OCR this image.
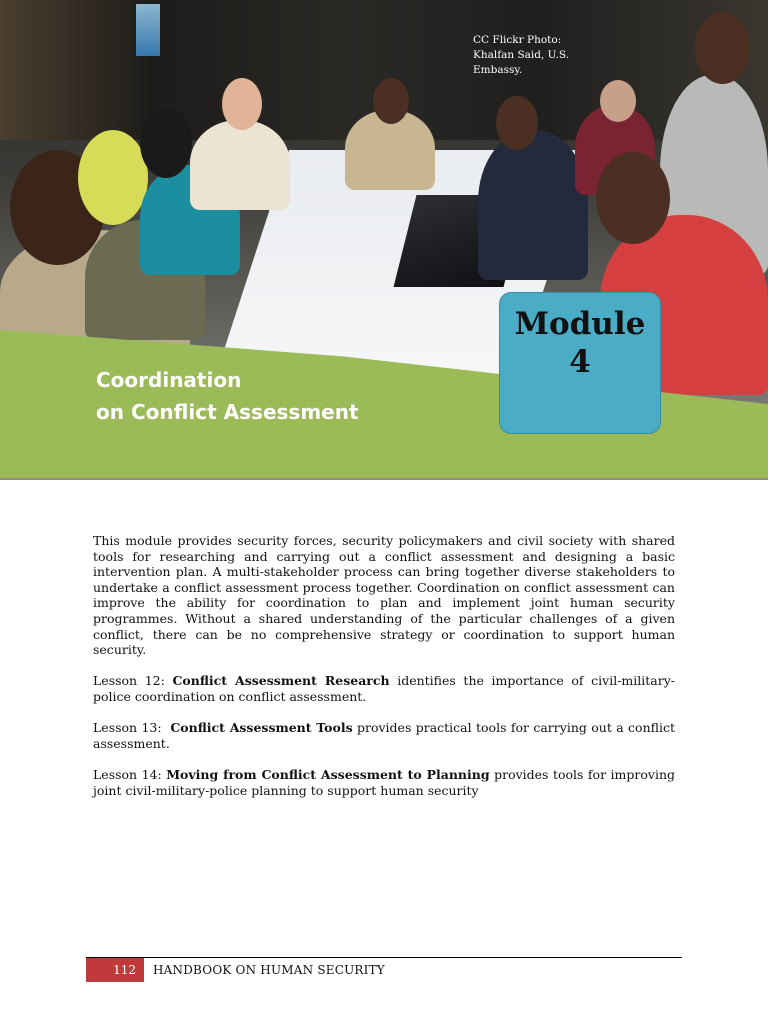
CC Flickr Photo:
Khalfan Said, U.S.
Embassy.
Coordination
on Conflict Assessment
Module
4

This module provides security forces, security policymakers and civil society with shared tools for researching and carrying out a conflict assessment and designing a basic intervention plan. A multi-stakeholder process can bring together diverse stakeholders to undertake a conflict assessment process together. Coordination on conflict assessment can improve the ability for coordination to plan and implement joint human security programmes. Without a shared understanding of the particular challenges of a given conflict, there can be no comprehensive strategy or coordination to support human security.

Lesson 12: Conflict Assessment Research identifies the importance of civil-military-police coordination on conflict assessment.

Lesson 13:  Conflict Assessment Tools provides practical tools for carrying out a conflict assessment.

Lesson 14: Moving from Conflict Assessment to Planning provides tools for improving joint civil-military-police planning to support human security

112	HANDBOOK ON HUMAN SECURITY
